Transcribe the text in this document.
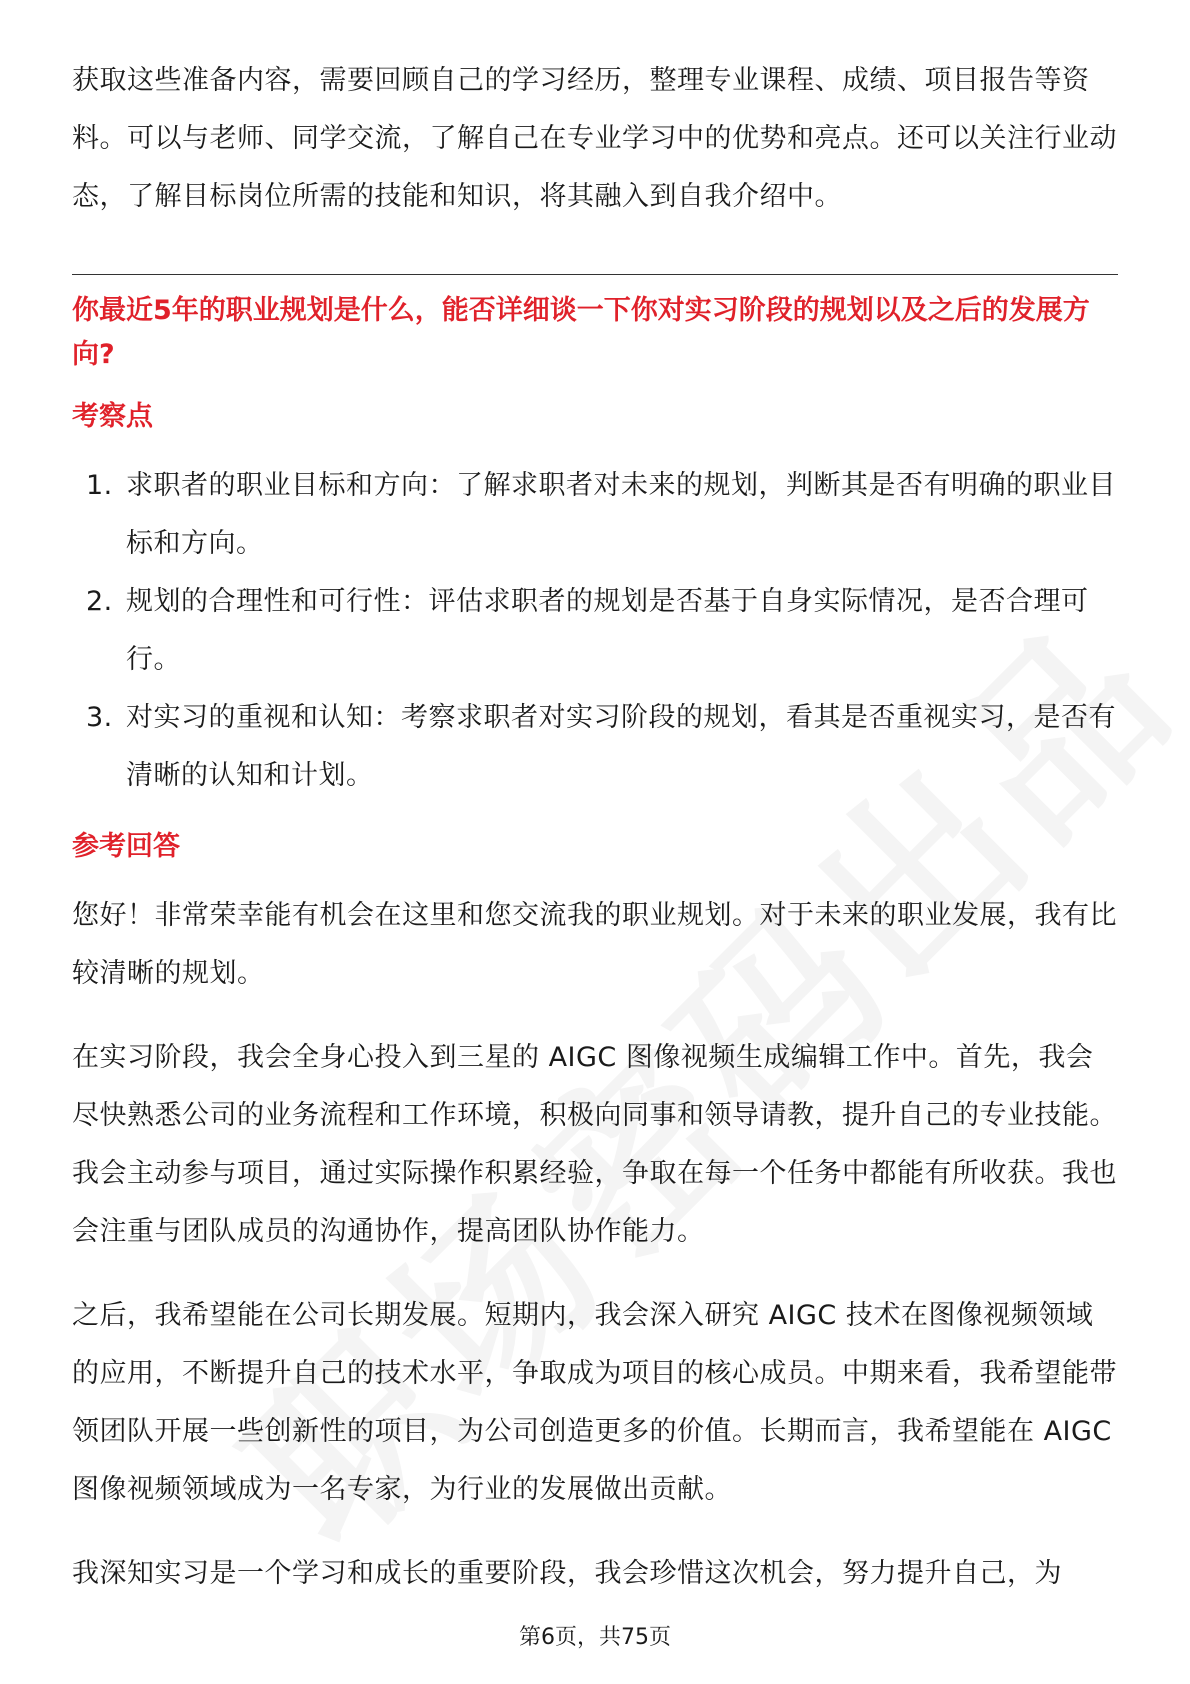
获取这些准备内容，需要回顾自己的学习经历，整理专业课程、成绩、项目报告等资料。可以与老师、同学交流，了解自己在专业学习中的优势和亮点。还可以关注行业动态，了解目标岗位所需的技能和知识，将其融入到自我介绍中。

你最近5年的职业规划是什么，能否详细谈一下你对实习阶段的规划以及之后的发展方向?

考察点
1. 求职者的职业目标和方向：了解求职者对未来的规划，判断其是否有明确的职业目标和方向。
2. 规划的合理性和可行性：评估求职者的规划是否基于自身实际情况，是否合理可行。
3. 对实习的重视和认知：考察求职者对实习阶段的规划，看其是否重视实习，是否有清晰的认知和计划。
参考回答

您好！非常荣幸能有机会在这里和您交流我的职业规划。对于未来的职业发展，我有比较清晰的规划。

在实习阶段，我会全身心投入到三星的 AIGC 图像视频生成编辑工作中。首先，我会尽快熟悉公司的业务流程和工作环境，积极向同事和领导请教，提升自己的专业技能。我会主动参与项目，通过实际操作积累经验，争取在每一个任务中都能有所收获。我也会注重与团队成员的沟通协作，提高团队协作能力。

之后，我希望能在公司长期发展。短期内，我会深入研究 AIGC 技术在图像视频领域的应用，不断提升自己的技术水平，争取成为项目的核心成员。中期来看，我希望能带领团队开展一些创新性的项目，为公司创造更多的价值。长期而言，我希望能在 AIGC 图像视频领域成为一名专家，为行业的发展做出贡献。

我深知实习是一个学习和成长的重要阶段，我会珍惜这次机会，努力提升自己，为

第6页，共75页
